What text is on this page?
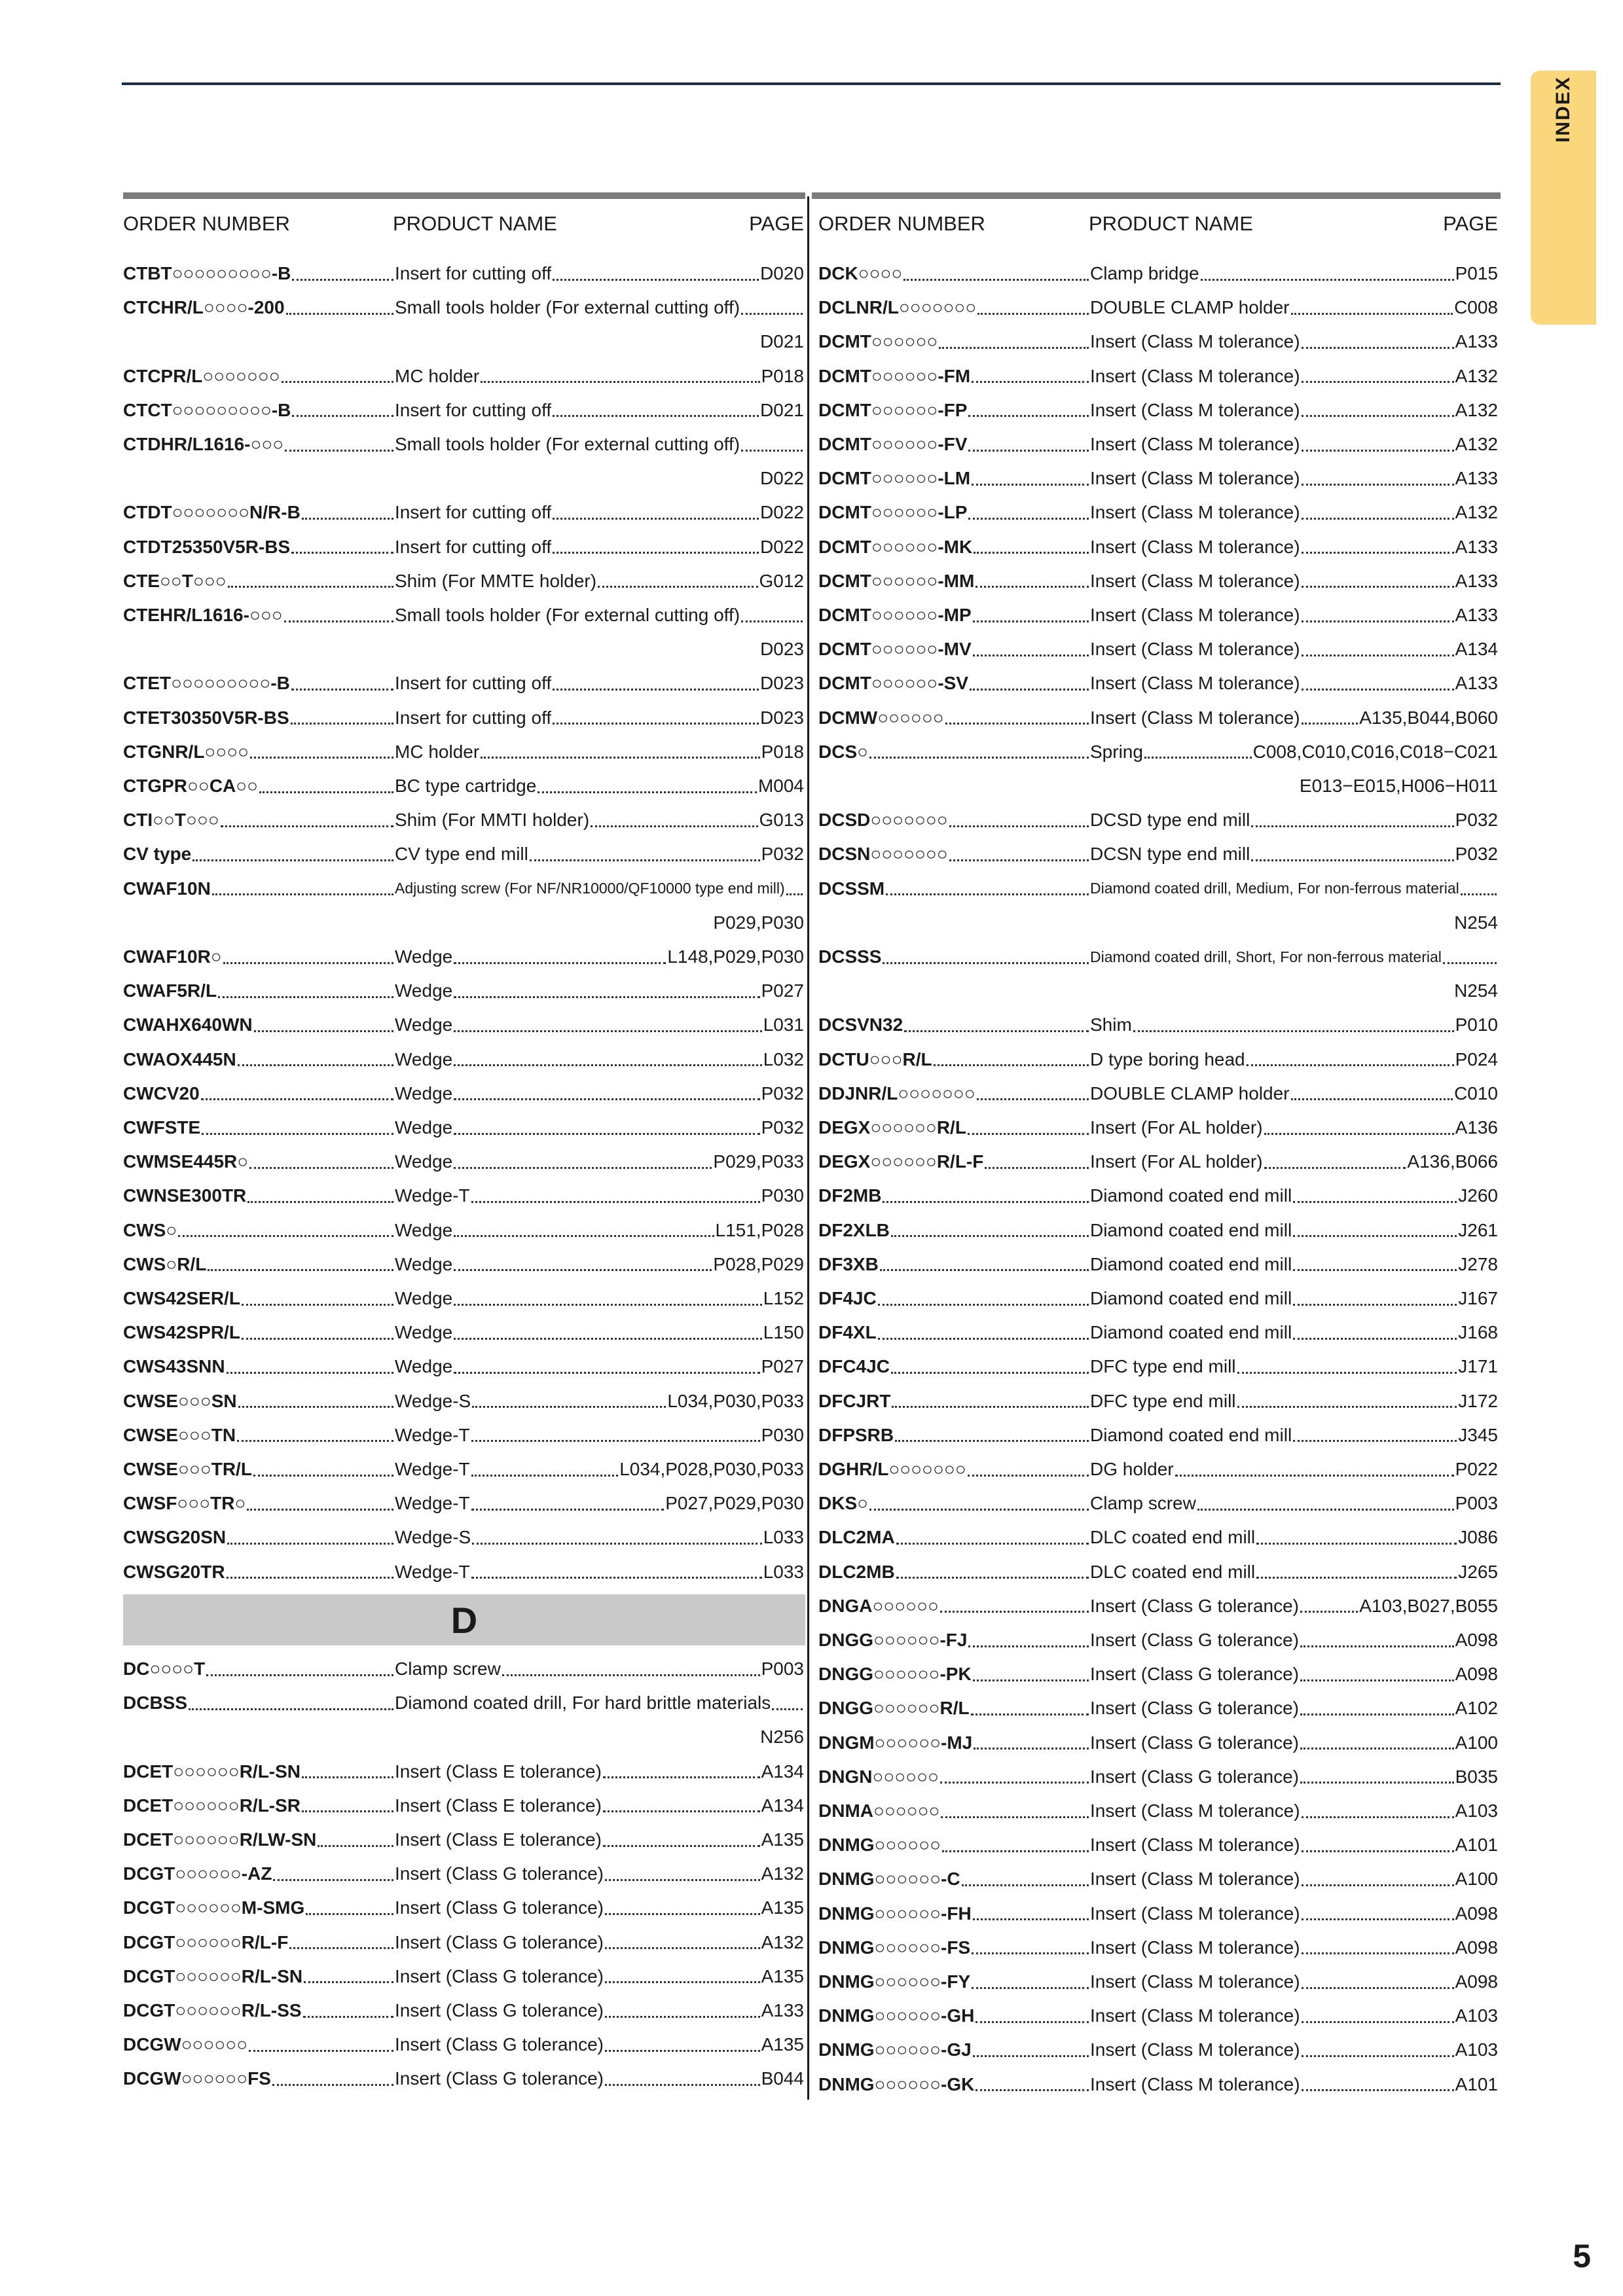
INDEX
ORDER NUMBER	PRODUCT NAME	PAGE ORDER NUMBER	PRODUCT NAME	PAGE
CTBT○○○○○○○○○-B	Insert for cutting off	D020
CTCHR/L○○○○-200	Small tools holder (For external cutting off)
D021
CTCPR/L○○○○○○○	MC holder	P018
CTCT○○○○○○○○○-B	Insert for cutting off	D021
CTDHR/L1616-○○○	Small tools holder (For external cutting off)
D022
CTDT○○○○○○○N/R-B	Insert for cutting off	D022
CTDT25350V5R-BS	Insert for cutting off	D022
CTE○○T○○○	Shim (For MMTE holder)	G012
CTEHR/L1616-○○○	Small tools holder (For external cutting off)
D023
CTET○○○○○○○○○-B	Insert for cutting off	D023
CTET30350V5R-BS	Insert for cutting off	D023
CTGNR/L○○○○	MC holder	P018
CTGPR○○CA○○	BC type cartridge	M004
CTI○○T○○○	Shim (For MMTI holder)	G013
CV type	CV type end mill	P032
CWAF10N	Adjusting screw (For NF/NR10000/QF10000 type end mill)
P029,P030
CWAF10R○	Wedge	L148,P029,P030
CWAF5R/L	Wedge	P027
CWAHX640WN	Wedge	L031
CWAOX445N	Wedge	L032
CWCV20	Wedge	P032
CWFSTE	Wedge	P032
CWMSE445R○	Wedge	P029,P033
CWNSE300TR	Wedge-T	P030
CWS○	Wedge	L151,P028
CWS○R/L	Wedge	P028,P029
CWS42SER/L	Wedge	L152
CWS42SPR/L	Wedge	L150
CWS43SNN	Wedge	P027
CWSE○○○SN	Wedge-S	L034,P030,P033
CWSE○○○TN	Wedge-T	P030
CWSE○○○TR/L	Wedge-T	L034,P028,P030,P033
CWSF○○○TR○	Wedge-T	P027,P029,P030
CWSG20SN	Wedge-S	L033
CWSG20TR	Wedge-T	L033
DC○○○○T	Clamp screw	P003
DCBSS	Diamond coated drill, For hard brittle materials
N256
DCET○○○○○○R/L-SN	Insert (Class E tolerance)	A134
DCET○○○○○○R/L-SR	Insert (Class E tolerance)	A134
DCET○○○○○○R/LW-SN	Insert (Class E tolerance)	A135
DCGT○○○○○○-AZ	Insert (Class G tolerance)	A132
DCGT○○○○○○M-SMG	Insert (Class G tolerance)	A135
DCGT○○○○○○R/L-F	Insert (Class G tolerance)	A132
DCGT○○○○○○R/L-SN	Insert (Class G tolerance)	A135
DCGT○○○○○○R/L-SS	Insert (Class G tolerance)	A133
DCGW○○○○○○	Insert (Class G tolerance)	A135
DCGW○○○○○○FS	Insert (Class G tolerance)	B044
DCK○○○○	Clamp bridge	P015
DCLNR/L○○○○○○○	DOUBLE CLAMP holder	C008
DCMT○○○○○○	Insert (Class M tolerance)	A133
DCMT○○○○○○-FM	Insert (Class M tolerance)	A132
DCMT○○○○○○-FP	Insert (Class M tolerance)	A132
DCMT○○○○○○-FV	Insert (Class M tolerance)	A132
DCMT○○○○○○-LM	Insert (Class M tolerance)	A133
DCMT○○○○○○-LP	Insert (Class M tolerance)	A132
DCMT○○○○○○-MK	Insert (Class M tolerance)	A133
DCMT○○○○○○-MM	Insert (Class M tolerance)	A133
DCMT○○○○○○-MP	Insert (Class M tolerance)	A133
DCMT○○○○○○-MV	Insert (Class M tolerance)	A134
DCMT○○○○○○-SV	Insert (Class M tolerance)	A133
DCMW○○○○○○	Insert (Class M tolerance)	A135,B044,B060
DCS○	Spring	C008,C010,C016,C018−C021
E013−E015,H006−H011
DCSD○○○○○○○	DCSD type end mill	P032
DCSN○○○○○○○	DCSN type end mill	P032
DCSSM	Diamond coated drill, Medium, For non-ferrous material
N254
DCSSS	Diamond coated drill, Short, For non-ferrous material
N254
DCSVN32	Shim	P010
DCTU○○○R/L	D type boring head	P024
DDJNR/L○○○○○○○	DOUBLE CLAMP holder	C010
DEGX○○○○○○R/L	Insert (For AL holder)	A136
DEGX○○○○○○R/L-F	Insert (For AL holder)	A136,B066
DF2MB	Diamond coated end mill	J260
DF2XLB	Diamond coated end mill	J261
DF3XB	Diamond coated end mill	J278
DF4JC	Diamond coated end mill	J167
DF4XL	Diamond coated end mill	J168
DFC4JC	DFC type end mill	J171
DFCJRT	DFC type end mill	J172
DFPSRB	Diamond coated end mill	J345
DGHR/L○○○○○○○	DG holder	P022
DKS○	Clamp screw	P003
DLC2MA	DLC coated end mill	J086
DLC2MB	DLC coated end mill	J265
DNGA○○○○○○	Insert (Class G tolerance)	A103,B027,B055
DNGG○○○○○○-FJ	Insert (Class G tolerance)	A098
DNGG○○○○○○-PK	Insert (Class G tolerance)	A098
DNGG○○○○○○R/L	Insert (Class G tolerance)	A102
DNGM○○○○○○-MJ	Insert (Class G tolerance)	A100
DNGN○○○○○○	Insert (Class G tolerance)	B035
DNMA○○○○○○	Insert (Class M tolerance)	A103
DNMG○○○○○○	Insert (Class M tolerance)	A101
DNMG○○○○○○-C	Insert (Class M tolerance)	A100
DNMG○○○○○○-FH	Insert (Class M tolerance)	A098
DNMG○○○○○○-FS	Insert (Class M tolerance)	A098
DNMG○○○○○○-FY	Insert (Class M tolerance)	A098
DNMG○○○○○○-GH	Insert (Class M tolerance)	A103
DNMG○○○○○○-GJ	Insert (Class M tolerance)	A103
DNMG○○○○○○-GK	Insert (Class M tolerance)	A101
D
5
